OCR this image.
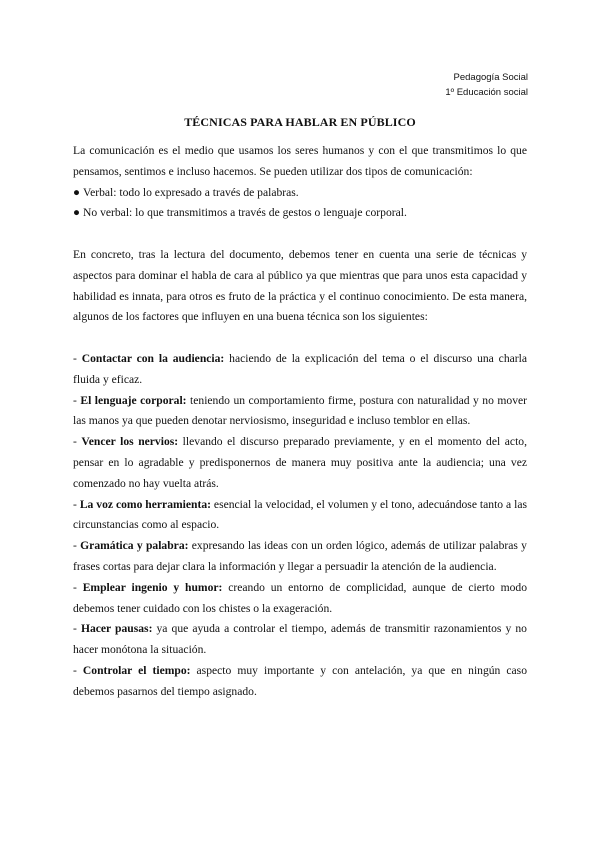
Pedagogía Social
1º Educación social
TÉCNICAS PARA HABLAR EN PÚBLICO

La comunicación es el medio que usamos los seres humanos y con el que transmitimos lo que pensamos, sentimos e incluso hacemos. Se pueden utilizar dos tipos de comunicación:

● Verbal: todo lo expresado a través de palabras.

● No verbal: lo que transmitimos a través de gestos o lenguaje corporal.

En concreto, tras la lectura del documento, debemos tener en cuenta una serie de técnicas y aspectos para dominar el habla de cara al público ya que mientras que para unos esta capacidad y habilidad es innata, para otros es fruto de la práctica y el continuo conocimiento. De esta manera, algunos de los factores que influyen en una buena técnica son los siguientes:

- Contactar con la audiencia: haciendo de la explicación del tema o el discurso una charla fluida y eficaz.

- El lenguaje corporal: teniendo un comportamiento firme, postura con naturalidad y no mover las manos ya que pueden denotar nerviosismo, inseguridad e incluso temblor en ellas.

- Vencer los nervios: llevando el discurso preparado previamente, y en el momento del acto, pensar en lo agradable y predisponernos de manera muy positiva ante la audiencia; una vez comenzado no hay vuelta atrás.

- La voz como herramienta: esencial la velocidad, el volumen y el tono, adecuándose tanto a las circunstancias como al espacio.

- Gramática y palabra: expresando las ideas con un orden lógico, además de utilizar palabras y frases cortas para dejar clara la información y llegar a persuadir la atención de la audiencia.

- Emplear ingenio y humor: creando un entorno de complicidad, aunque de cierto modo debemos tener cuidado con los chistes o la exageración.

- Hacer pausas: ya que ayuda a controlar el tiempo, además de transmitir razonamientos y no hacer monótona la situación.

- Controlar el tiempo: aspecto muy importante y con antelación, ya que en ningún caso debemos pasarnos del tiempo asignado.
